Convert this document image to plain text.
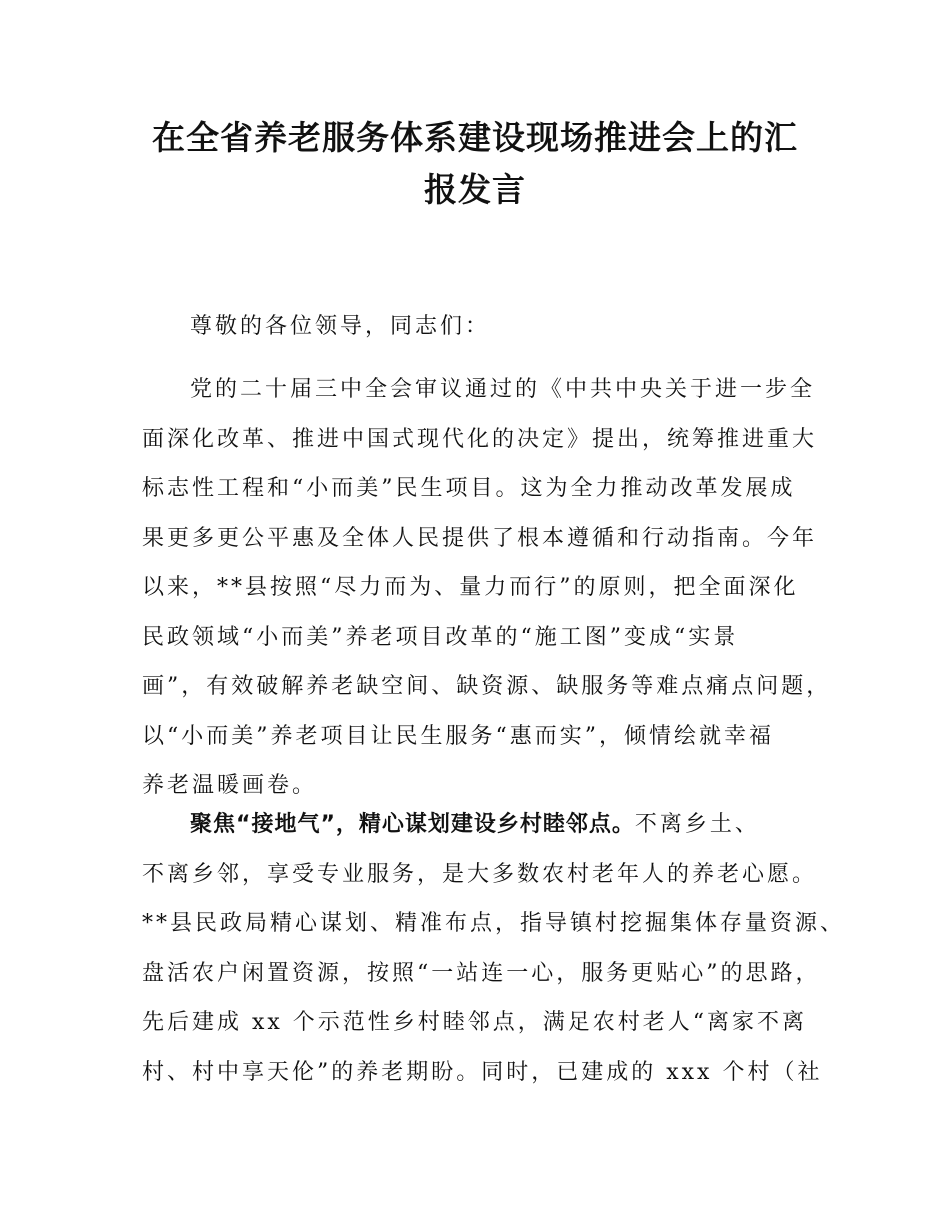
在全省养老服务体系建设现场推进会上的汇
报发言

尊敬的各位领导，同志们：

党的二十届三中全会审议通过的《中共中央关于进一步全
面深化改革、推进中国式现代化的决定》提出，统筹推进重大
标志性工程和“小而美”民生项目。这为全力推动改革发展成
果更多更公平惠及全体人民提供了根本遵循和行动指南。今年
以来，**县按照“尽力而为、量力而行”的原则，把全面深化
民政领域“小而美”养老项目改革的“施工图”变成“实景
画”，有效破解养老缺空间、缺资源、缺服务等难点痛点问题，
以“小而美”养老项目让民生服务“惠而实”，倾情绘就幸福
养老温暖画卷。

聚焦“接地气”，精心谋划建设乡村睦邻点。不离乡土、
不离乡邻，享受专业服务，是大多数农村老年人的养老心愿。
**县民政局精心谋划、精准布点，指导镇村挖掘集体存量资源、
盘活农户闲置资源，按照“一站连一心，服务更贴心”的思路，
先后建成 xx 个示范性乡村睦邻点，满足农村老人“离家不离
村、村中享天伦”的养老期盼。同时，已建成的 xxx 个村（社
